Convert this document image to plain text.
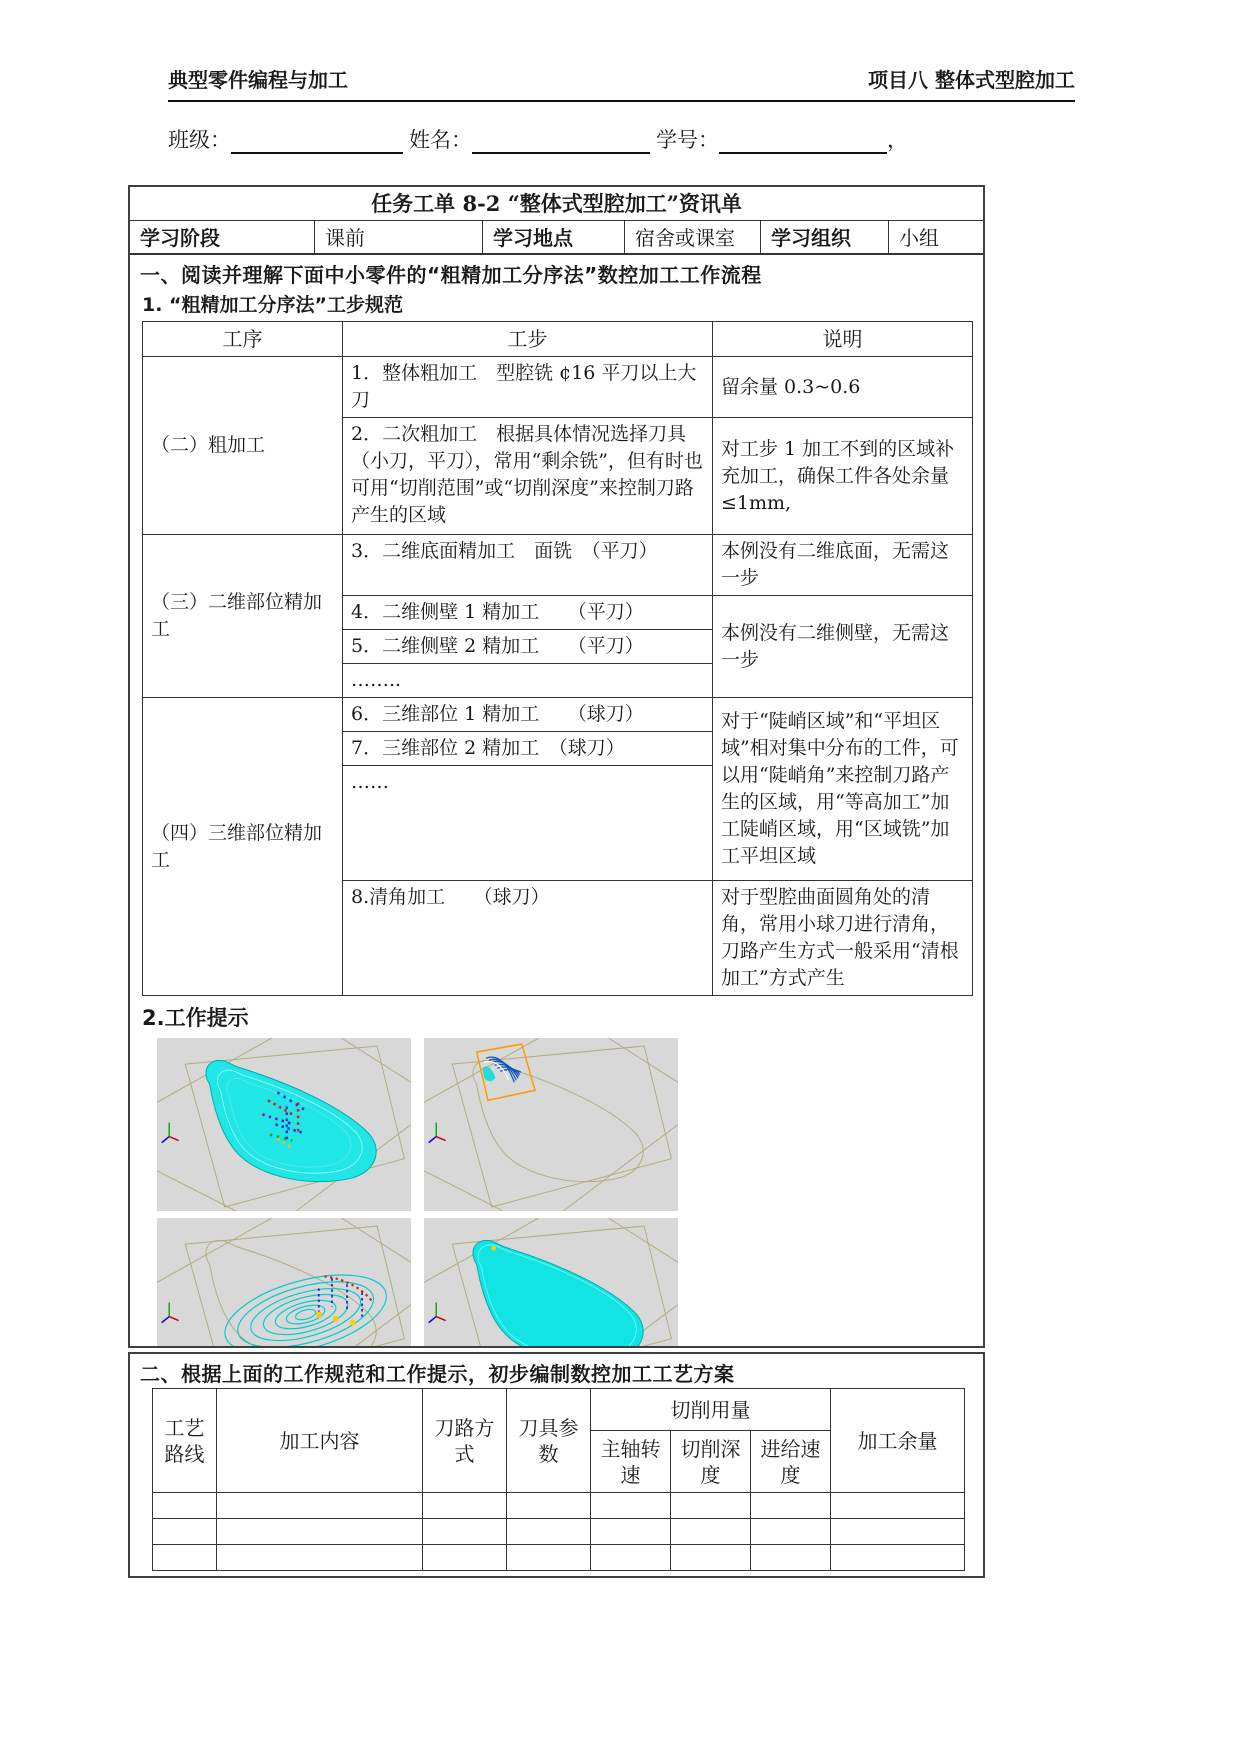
典型零件编程与加工	项目八 整体式型腔加工
班级：	姓名：	学号：	，
任务工单 8-2 “整体式型腔加工”资讯单
学习阶段	课前	学习地点	宿舍或课室	学习组织	小组
一、阅读并理解下面中小零件的“粗精加工分序法”数控加工工作流程
1. “粗精加工分序法”工步规范
工序	工步	说明
（二）粗加工	1．整体粗加工　型腔铣 ¢16 平刀以上大刀	留余量 0.3~0.6
	2．二次粗加工　根据具体情况选择刀具（小刀，平刀），常用“剩余铣”，但有时也可用“切削范围”或“切削深度”来控制刀路产生的区域	对工步 1 加工不到的区域补充加工，确保工件各处余量≤1mm,
（三）二维部位精加工	3．二维底面精加工　面铣　（平刀）	本例没有二维底面，无需这一步
	4．二维侧壁 1 精加工　　（平刀）	本例没有二维侧壁，无需这一步
	5．二维侧壁 2 精加工　　（平刀）	
	……..	
（四）三维部位精加工	6．三维部位 1 精加工　　（球刀）	对于“陡峭区域”和“平坦区域”相对集中分布的工件，可以用“陡峭角”来控制刀路产生的区域，用“等高加工”加工陡峭区域，用“区域铣”加工平坦区域
	7．三维部位 2 精加工　（球刀）	
	……	
	8.清角加工　　（球刀）	对于型腔曲面圆角处的清角，常用小球刀进行清角，刀路产生方式一般采用“清根加工”方式产生
2.工作提示
二、根据上面的工作规范和工作提示，初步编制数控加工工艺方案
工艺路线	加工内容	刀路方式	刀具参数	切削用量			加工余量
				主轴转速	切削深度	进给速度	
